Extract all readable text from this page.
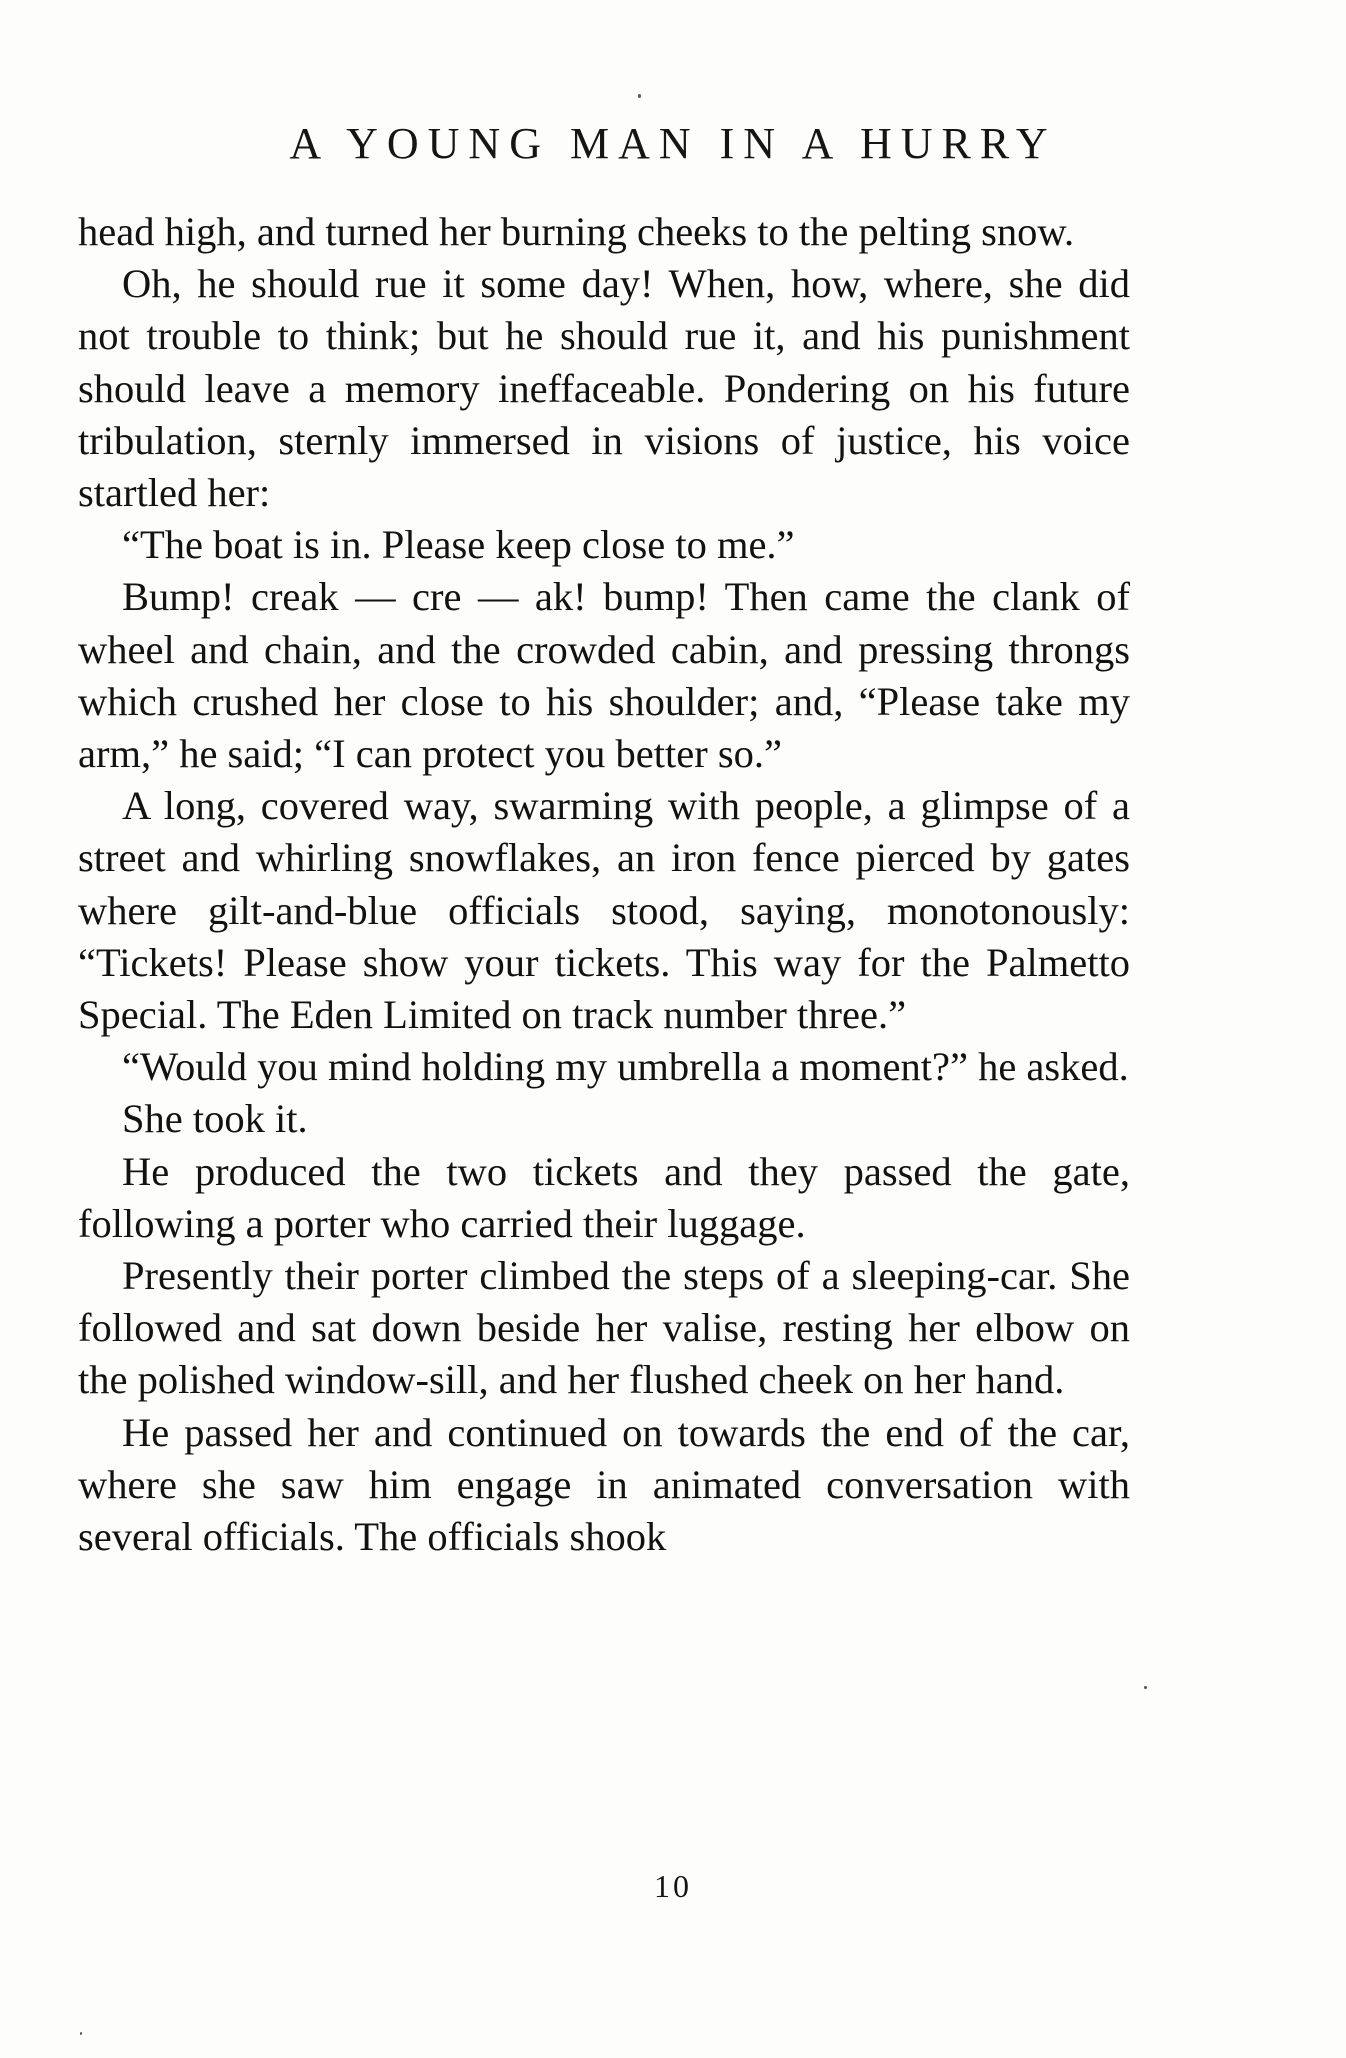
A YOUNG MAN IN A HURRY

head high, and turned her burning cheeks to the pelting snow.

Oh, he should rue it some day! When, how, where, she did not trouble to think; but he should rue it, and his punishment should leave a memory ineffaceable. Pondering on his future tribulation, sternly immersed in visions of justice, his voice startled her:

“The boat is in. Please keep close to me.”

Bump! creak — cre — ak! bump! Then came the clank of wheel and chain, and the crowded cabin, and pressing throngs which crushed her close to his shoulder; and, “Please take my arm,” he said; “I can protect you better so.”

A long, covered way, swarming with people, a glimpse of a street and whirling snowflakes, an iron fence pierced by gates where gilt-and-blue officials stood, saying, monotonously: “Tickets! Please show your tickets. This way for the Palmetto Special. The Eden Limited on track number three.”

“Would you mind holding my umbrella a moment?” he asked.

She took it.

He produced the two tickets and they passed the gate, following a porter who carried their luggage.

Presently their porter climbed the steps of a sleeping-car. She followed and sat down beside her valise, resting her elbow on the polished window-sill, and her flushed cheek on her hand.

He passed her and continued on towards the end of the car, where she saw him engage in animated conversation with several officials. The officials shook

10
